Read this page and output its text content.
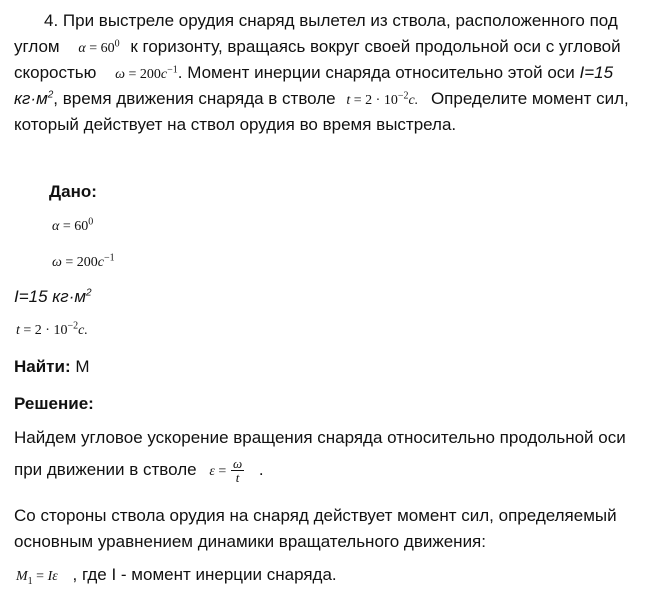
4. При выстреле орудия снаряд вылетел из ствола, расположенного под
углом α = 60$^0$ к горизонту, вращаясь вокруг своей продольной оси с угловой
скоростью ω = 200c$^{-1}$. Момент инерции снаряда относительно этой оси I=15
$кг\cdot м^2$, время движения снаряда в стволе t = 2 · 10$^{-2}$c. Определите момент сил,
который действует на ствол орудия во время выстрела.
Дано:
α = 60$^0$
ω = 200c$^{-1}$
I=15 $кг\cdot м^2$
t = 2 · 10$^{-2}$c.
Найти: M
Решение:
Найдем угловое ускорение вращения снаряда относительно продольной оси
при движении в стволе $\varepsilon = \frac{\omega}{t}$ .
Со стороны ствола орудия на снаряд действует момент сил, определяемый
основным уравнением динамики вращательного движения:
$M_1 = I\varepsilon$ , где I - момент инерции снаряда.
